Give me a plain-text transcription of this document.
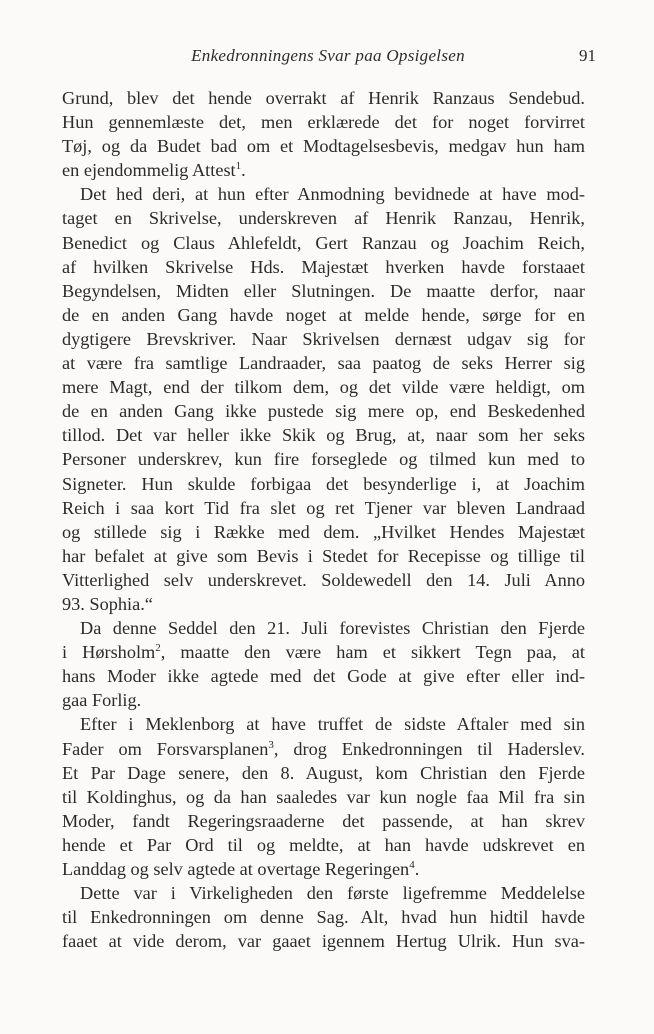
Enkedronningens Svar paa Opsigelsen	91
Grund, blev det hende overrakt af Henrik Ranzaus Sendebud.
Hun gennemlæste det, men erklærede det for noget forvirret
Tøj, og da Budet bad om et Modtagelsesbevis, medgav hun ham
en ejendommelig Attest$^1$.
Det hed deri, at hun efter Anmodning bevidnede at have mod-
taget en Skrivelse, underskreven af Henrik Ranzau, Henrik,
Benedict og Claus Ahlefeldt, Gert Ranzau og Joachim Reich,
af hvilken Skrivelse Hds. Majestæt hverken havde forstaaet
Begyndelsen, Midten eller Slutningen. De maatte derfor, naar
de en anden Gang havde noget at melde hende, sørge for en
dygtigere Brevskriver. Naar Skrivelsen dernæst udgav sig for
at være fra samtlige Landraader, saa paatog de seks Herrer sig
mere Magt, end der tilkom dem, og det vilde være heldigt, om
de en anden Gang ikke pustede sig mere op, end Beskedenhed
tillod. Det var heller ikke Skik og Brug, at, naar som her seks
Personer underskrev, kun fire forseglede og tilmed kun med to
Signeter. Hun skulde forbigaa det besynderlige i, at Joachim
Reich i saa kort Tid fra slet og ret Tjener var bleven Landraad
og stillede sig i Række med dem. „Hvilket Hendes Majestæt
har befalet at give som Bevis i Stedet for Recepisse og tillige til
Vitterlighed selv underskrevet. Soldewedell den 14. Juli Anno
93. Sophia.“
Da denne Seddel den 21. Juli forevistes Christian den Fjerde
i Hørsholm$^2$, maatte den være ham et sikkert Tegn paa, at
hans Moder ikke agtede med det Gode at give efter eller ind-
gaa Forlig.
Efter i Meklenborg at have truffet de sidste Aftaler med sin
Fader om Forsvarsplanen$^3$, drog Enkedronningen til Haderslev.
Et Par Dage senere, den 8. August, kom Christian den Fjerde
til Koldinghus, og da han saaledes var kun nogle faa Mil fra sin
Moder, fandt Regeringsraaderne det passende, at han skrev
hende et Par Ord til og meldte, at han havde udskrevet en
Landdag og selv agtede at overtage Regeringen$^4$.
Dette var i Virkeligheden den første ligefremme Meddelelse
til Enkedronningen om denne Sag. Alt, hvad hun hidtil havde
faaet at vide derom, var gaaet igennem Hertug Ulrik. Hun sva-
